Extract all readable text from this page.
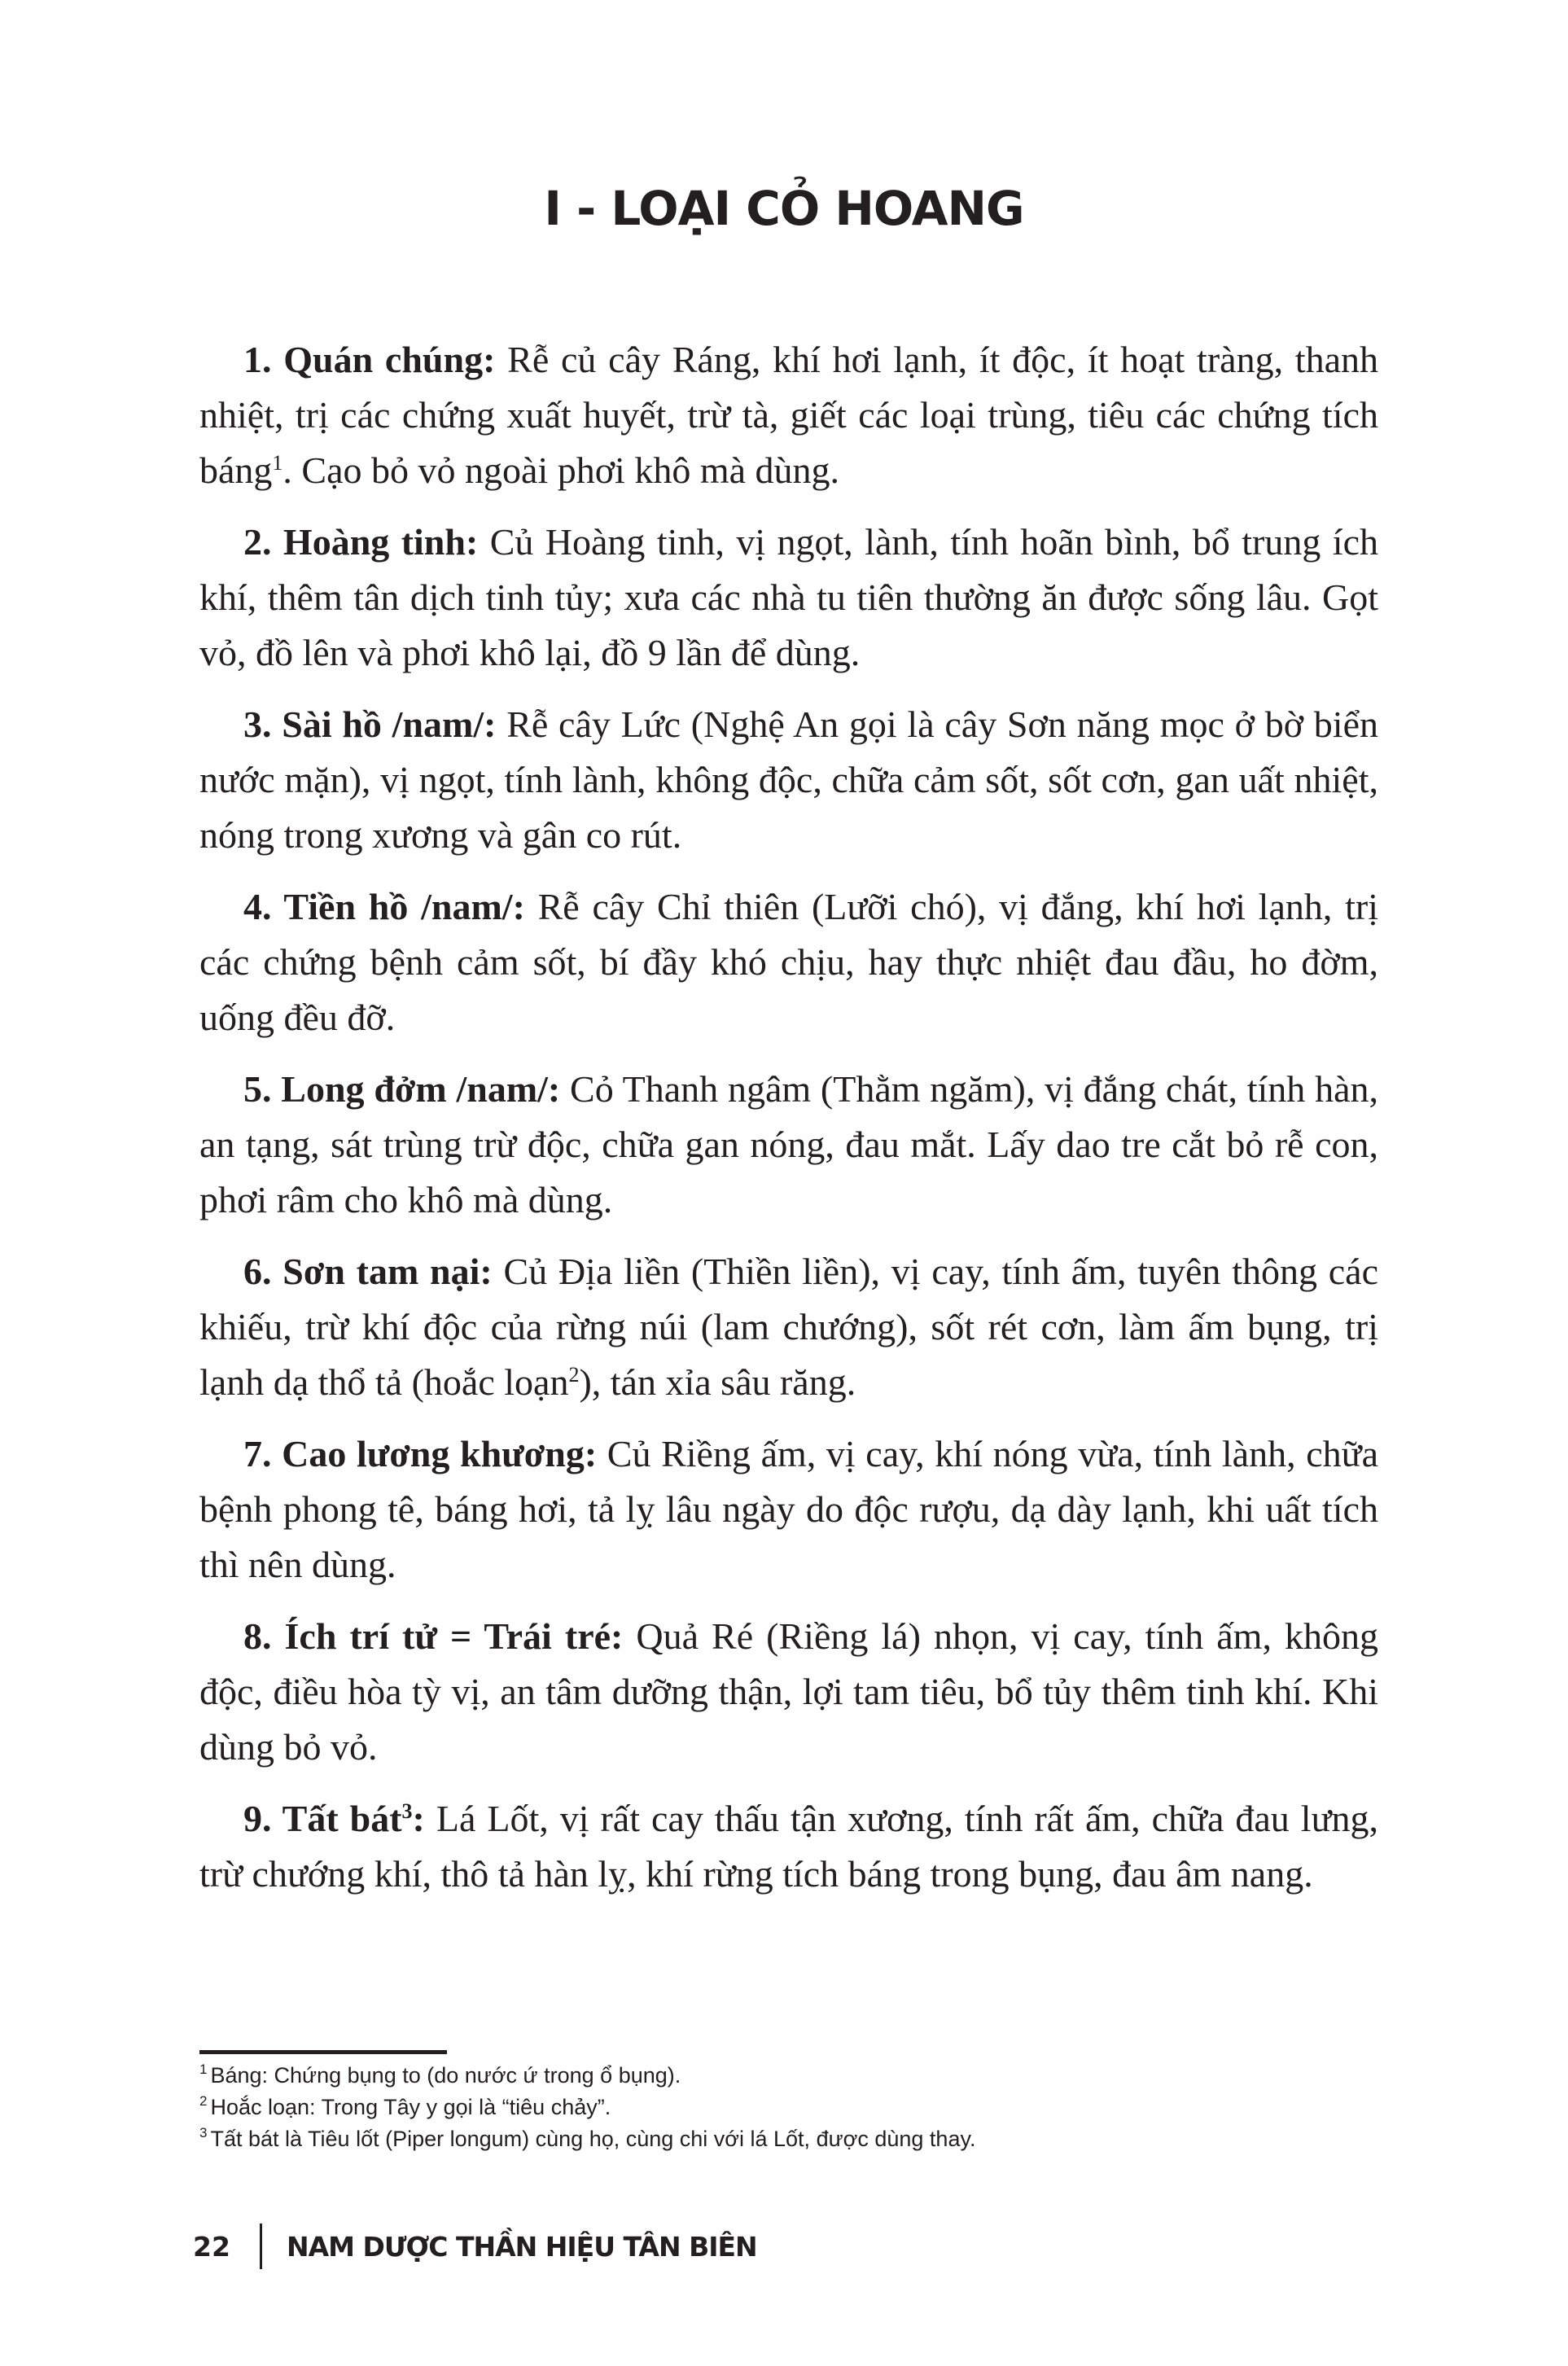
I - LOẠI CỎ HOANG

1. Quán chúng: Rễ củ cây Ráng, khí hơi lạnh, ít độc, ít hoạt tràng, thanh nhiệt, trị các chứng xuất huyết, trừ tà, giết các loại trùng, tiêu các chứng tích báng$^1$. Cạo bỏ vỏ ngoài phơi khô mà dùng.

2. Hoàng tinh: Củ Hoàng tinh, vị ngọt, lành, tính hoãn bình, bổ trung ích khí, thêm tân dịch tinh tủy; xưa các nhà tu tiên thường ăn được sống lâu. Gọt vỏ, đồ lên và phơi khô lại, đồ 9 lần để dùng.

3. Sài hồ /nam/: Rễ cây Lức (Nghệ An gọi là cây Sơn năng mọc ở bờ biển nước mặn), vị ngọt, tính lành, không độc, chữa cảm sốt, sốt cơn, gan uất nhiệt, nóng trong xương và gân co rút.

4. Tiền hồ /nam/: Rễ cây Chỉ thiên (Lưỡi chó), vị đắng, khí hơi lạnh, trị các chứng bệnh cảm sốt, bí đầy khó chịu, hay thực nhiệt đau đầu, ho đờm, uống đều đỡ.

5. Long đởm /nam/: Cỏ Thanh ngâm (Thằm ngăm), vị đắng chát, tính hàn, an tạng, sát trùng trừ độc, chữa gan nóng, đau mắt. Lấy dao tre cắt bỏ rễ con, phơi râm cho khô mà dùng.

6. Sơn tam nại: Củ Địa liền (Thiền liền), vị cay, tính ấm, tuyên thông các khiếu, trừ khí độc của rừng núi (lam chướng), sốt rét cơn, làm ấm bụng, trị lạnh dạ thổ tả (hoắc loạn$^2$), tán xỉa sâu răng.

7. Cao lương khương: Củ Riềng ấm, vị cay, khí nóng vừa, tính lành, chữa bệnh phong tê, báng hơi, tả lỵ lâu ngày do độc rượu, dạ dày lạnh, khi uất tích thì nên dùng.

8. Ích trí tử = Trái tré: Quả Ré (Riềng lá) nhọn, vị cay, tính ấm, không độc, điều hòa tỳ vị, an tâm dưỡng thận, lợi tam tiêu, bổ tủy thêm tinh khí. Khi dùng bỏ vỏ.

9. Tất bát$^3$: Lá Lốt, vị rất cay thấu tận xương, tính rất ấm, chữa đau lưng, trừ chướng khí, thô tả hàn lỵ, khí rừng tích báng trong bụng, đau âm nang.

$^1$ Báng: Chứng bụng to (do nước ứ trong ổ bụng).

$^2$ Hoắc loạn: Trong Tây y gọi là “tiêu chảy”.

$^3$ Tất bát là Tiêu lốt (Piper longum) cùng họ, cùng chi với lá Lốt, được dùng thay.

22	NAM DƯỢC THẦN HIỆU TÂN BIÊN
